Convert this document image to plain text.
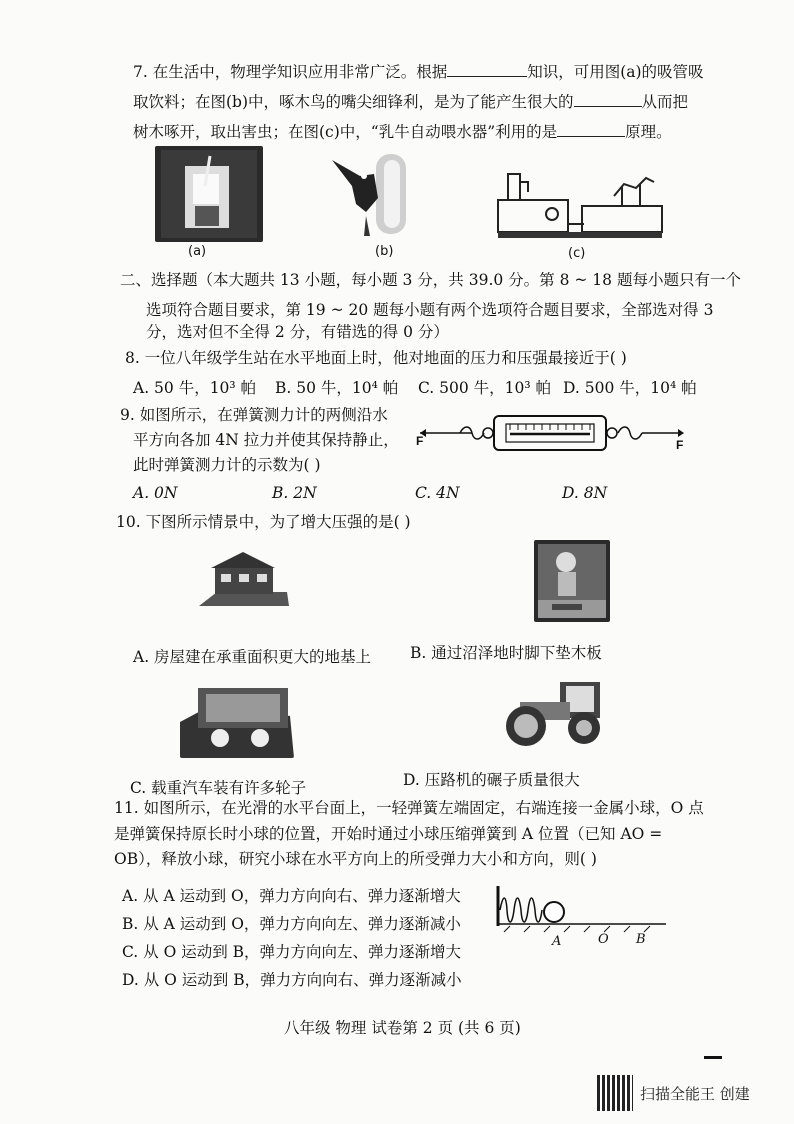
7. 在生活中，物理学知识应用非常广泛。根据	知识，可用图(a)的吸管吸
取饮料；在图(b)中，啄木鸟的嘴尖细锋利，是为了能产生很大的	从而把
树木啄开，取出害虫；在图(c)中，“乳牛自动喂水器”利用的是	原理。
(a)	(b)	(c)
二、选择题（本大题共 13 小题，每小题 3 分，共 39.0 分。第 8 ~ 18 题每小题只有一个
选项符合题目要求，第 19 ~ 20 题每小题有两个选项符合题目要求，全部选对得 3
分，选对但不全得 2 分，有错选的得 0 分）
8. 一位八年级学生站在水平地面上时，他对地面的压力和压强最接近于( )
A. 50 牛，10³ 帕 B. 50 牛，10⁴ 帕 C. 500 牛，10³ 帕 D. 500 牛，10⁴ 帕
9. 如图所示，在弹簧测力计的两侧沿水
平方向各加 4N 拉力并使其保持静止，
此时弹簧测力计的示数为( )
F	F
A. 0N	B. 2N	C. 4N	D. 8N
10. 下图所示情景中，为了增大压强的是( )
A. 房屋建在承重面积更大的地基上	B. 通过沼泽地时脚下垫木板
C. 载重汽车装有许多轮子	D. 压路机的碾子质量很大
11. 如图所示，在光滑的水平台面上，一轻弹簧左端固定，右端连接一金属小球，O 点
是弹簧保持原长时小球的位置，开始时通过小球压缩弹簧到 A 位置（已知 AO =
OB），释放小球，研究小球在水平方向上的所受弹力大小和方向，则( )
A. 从 A 运动到 O，弹力方向向右、弹力逐渐增大
B. 从 A 运动到 O，弹力方向向左、弹力逐渐减小
C. 从 O 运动到 B，弹力方向向左、弹力逐渐增大
D. 从 O 运动到 B，弹力方向向右、弹力逐渐减小
A	O B
八年级 物理 试卷第 2 页 (共 6 页)
扫描全能王 创建
